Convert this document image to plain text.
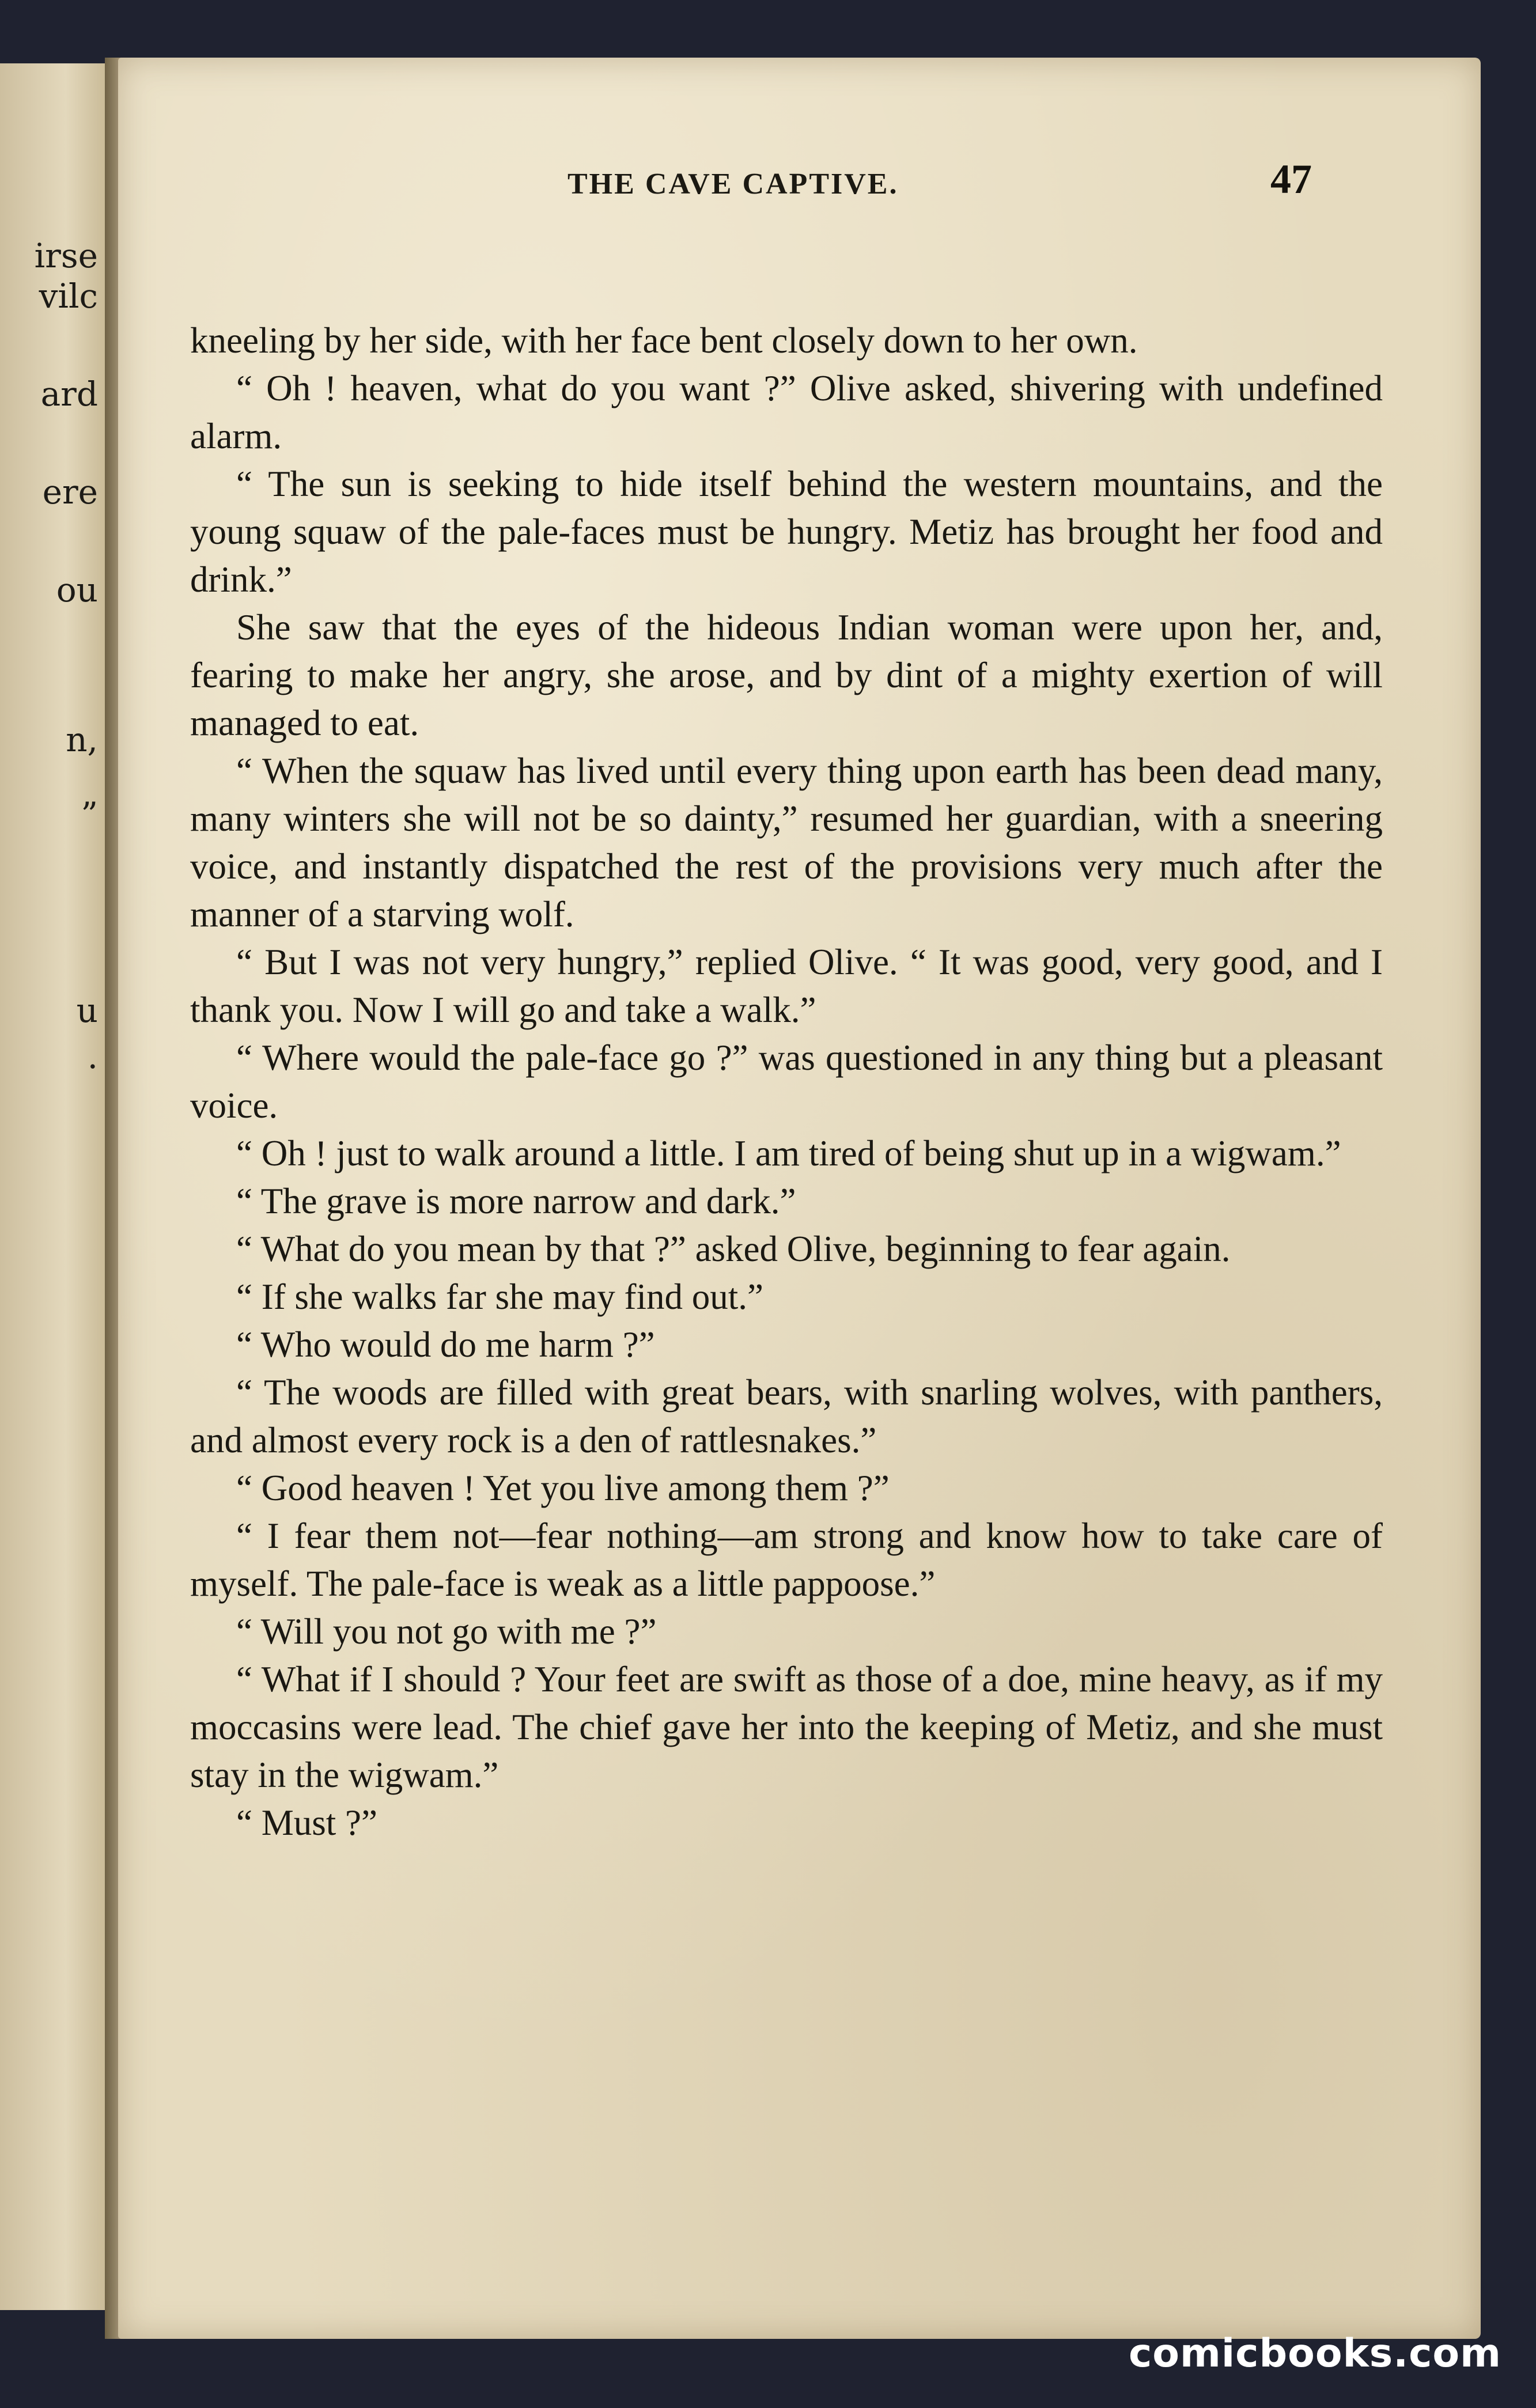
irse
vilc
ard
ere
ou
n,
”
u
.
THE CAVE CAPTIVE.	47

kneeling by her side, with her face bent closely down to her own.

“ Oh ! heaven, what do you want ?” Olive asked, shivering with undefined alarm.

“ The sun is seeking to hide itself behind the western mountains, and the young squaw of the pale-faces must be hungry. Metiz has brought her food and drink.”

She saw that the eyes of the hideous Indian woman were upon her, and, fearing to make her angry, she arose, and by dint of a mighty exertion of will managed to eat.

“ When the squaw has lived until every thing upon earth has been dead many, many winters she will not be so dainty,” resumed her guardian, with a sneering voice, and instantly dispatched the rest of the provisions very much after the manner of a starving wolf.

“ But I was not very hungry,” replied Olive. “ It was good, very good, and I thank you. Now I will go and take a walk.”

“ Where would the pale-face go ?” was questioned in any thing but a pleasant voice.

“ Oh ! just to walk around a little. I am tired of being shut up in a wigwam.”

“ The grave is more narrow and dark.”

“ What do you mean by that ?” asked Olive, beginning to fear again.

“ If she walks far she may find out.”

“ Who would do me harm ?”

“ The woods are filled with great bears, with snarling wolves, with panthers, and almost every rock is a den of rattlesnakes.”

“ Good heaven ! Yet you live among them ?”

“ I fear them not—fear nothing—am strong and know how to take care of myself. The pale-face is weak as a little pappoose.”

“ Will you not go with me ?”

“ What if I should ? Your feet are swift as those of a doe, mine heavy, as if my moccasins were lead. The chief gave her into the keeping of Metiz, and she must stay in the wigwam.”

“ Must ?”

comicbooks.com
